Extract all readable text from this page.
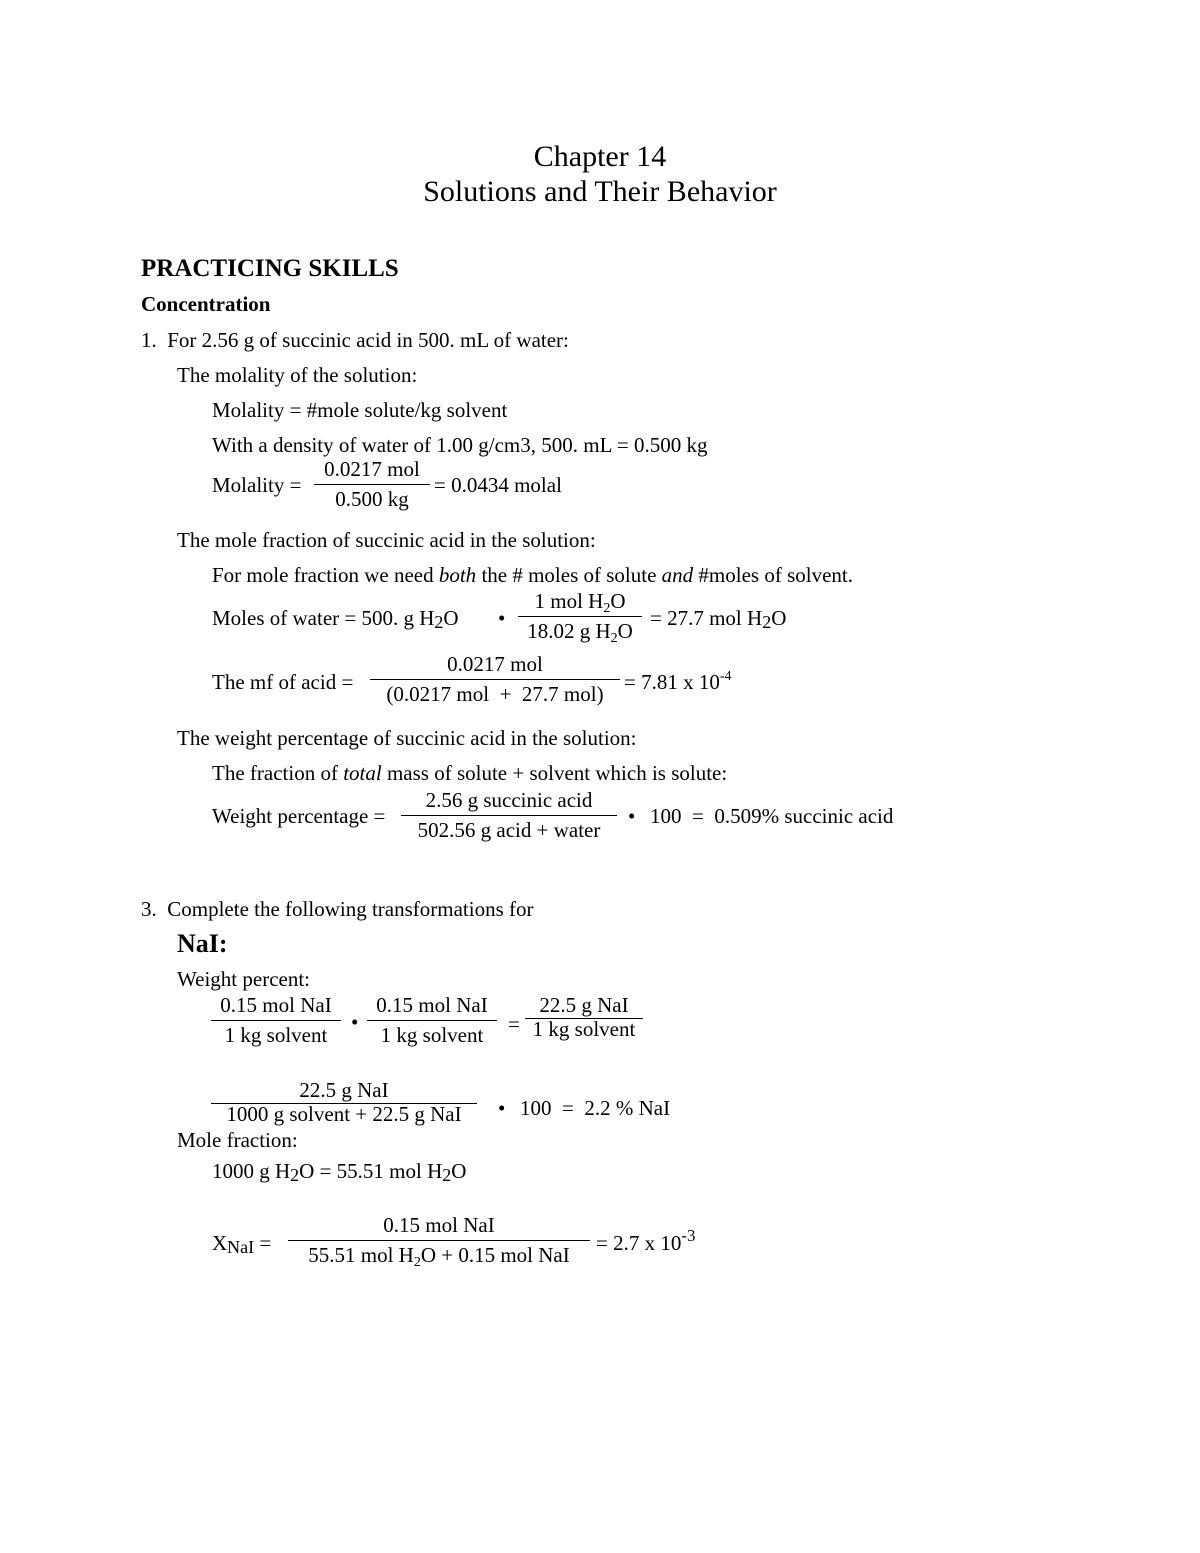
Chapter 14
Solutions and Their Behavior
PRACTICING SKILLS
Concentration
1. For 2.56 g of succinic acid in 500. mL of water:
The molality of the solution:
Molality = #mole solute/kg solvent
With a density of water of 1.00 g/cm3, 500. mL = 0.500 kg
Molality =
0.0217 mol
0.500 kg
= 0.0434 molal
The mole fraction of succinic acid in the solution:
For mole fraction we need both the # moles of solute and #moles of solvent.
Moles of water = 500. g $H_2O$ •
1 mol $H_2O$
18.02 g $H_2O$
= 27.7 mol $H_2O$
The mf of acid =
0.0217 mol
(0.0217 mol  +  27.7 mol) = 7.81 x $10^{-4}$
The weight percentage of succinic acid in the solution:
The fraction of total mass of solute + solvent which is solute:
Weight percentage =
2.56 g succinic acid
502.56 g acid + water
• 100  =  0.509% succinic acid
3. Complete the following transformations for
NaI:
Weight percent:
0.15 mol NaI
1 kg solvent
•
0.15 mol NaI
1 kg solvent =
22.5 g NaI
1 kg solvent
22.5 g NaI
1000 g solvent + 22.5 g NaI • 100  =  2.2 % NaI
Mole fraction:
1000 g $H_2O = 55.51$ mol $H_2O$
$X_{NaI}$ =
0.15 mol NaI
55.51 mol $H_2O + 0.15$ mol NaI = 2.7 x $10^{-3}$
